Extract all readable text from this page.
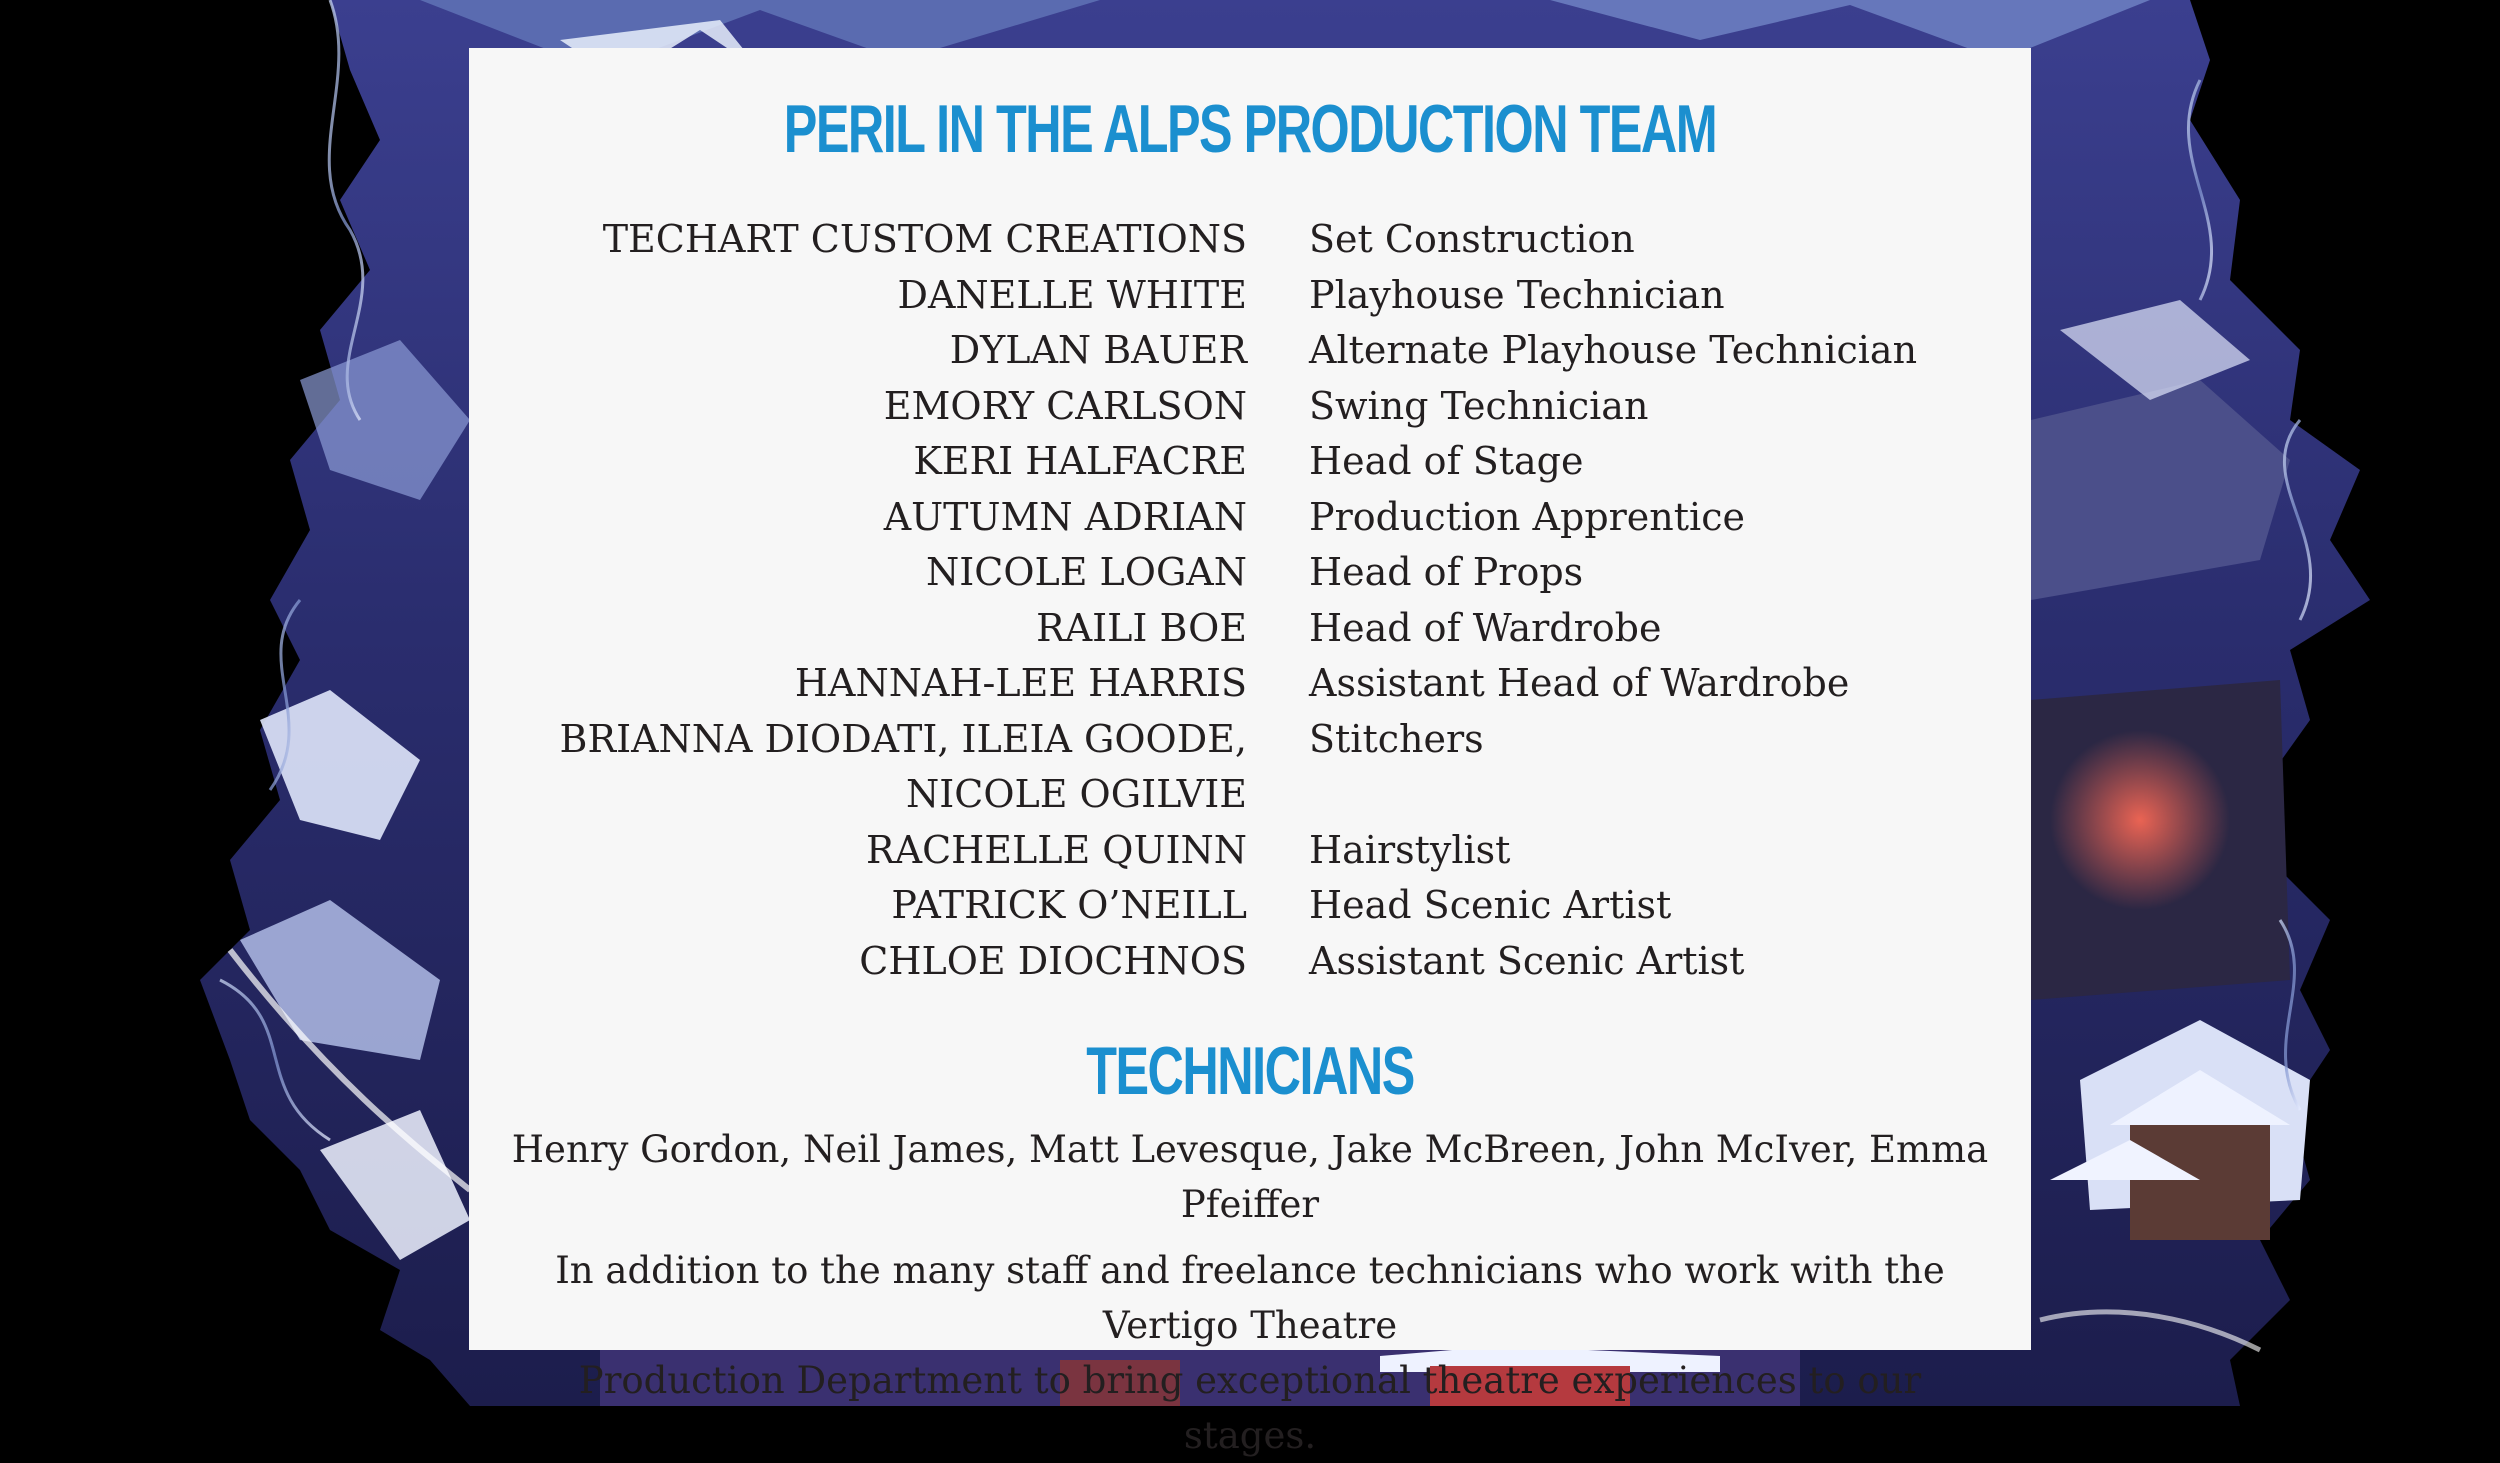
PERIL IN THE ALPS PRODUCTION TEAM
TECHART CUSTOM CREATIONS	Set Construction
DANELLE WHITE	Playhouse Technician
DYLAN BAUER	Alternate Playhouse Technician
EMORY CARLSON	Swing Technician
KERI HALFACRE	Head of Stage
AUTUMN ADRIAN	Production Apprentice
NICOLE LOGAN	Head of Props
RAILI BOE	Head of Wardrobe
HANNAH-LEE HARRIS	Assistant Head of Wardrobe
BRIANNA DIODATI, ILEIA GOODE,	Stitchers
NICOLE OGILVIE
RACHELLE QUINN	Hairstylist
PATRICK O’NEILL	Head Scenic Artist
CHLOE DIOCHNOS	Assistant Scenic Artist
TECHNICIANS
Henry Gordon, Neil James, Matt Levesque, Jake McBreen, John McIver, Emma Pfeiffer
In addition to the many staff and freelance technicians who work with the Vertigo Theatre
Production Department to bring exceptional theatre experiences to our stages.
